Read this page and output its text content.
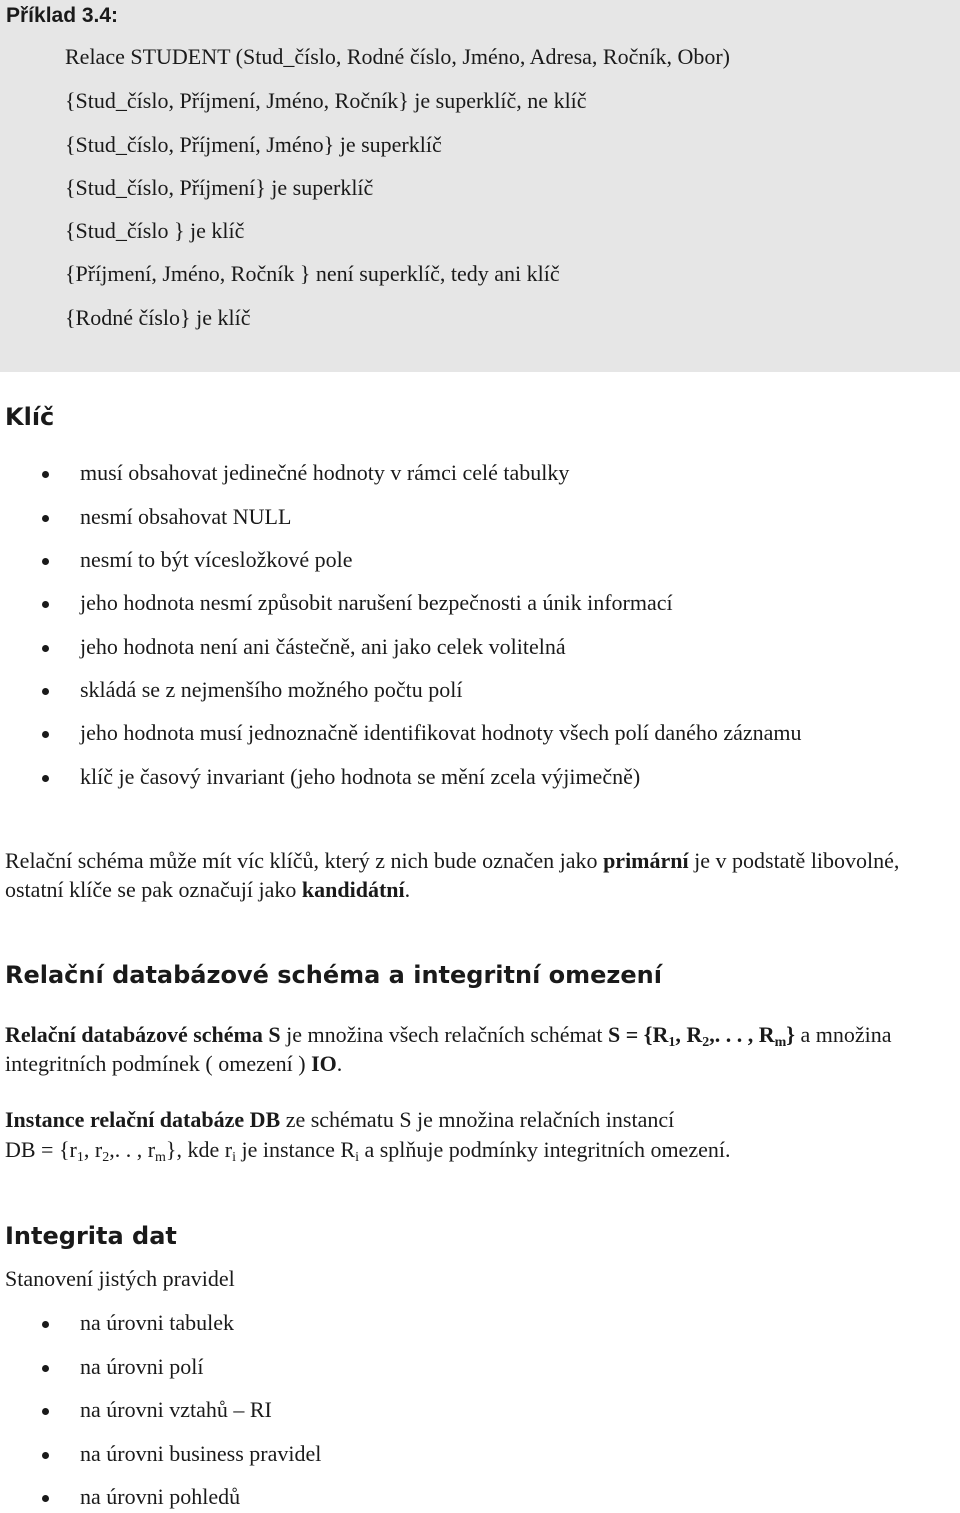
Příklad 3.4:
Relace STUDENT (Stud_číslo, Rodné číslo, Jméno, Adresa, Ročník, Obor)
{Stud_číslo, Příjmení, Jméno, Ročník} je superklíč, ne klíč
{Stud_číslo, Příjmení, Jméno} je superklíč
{Stud_číslo, Příjmení} je superklíč
{Stud_číslo } je klíč
{Příjmení, Jméno, Ročník } není superklíč, tedy ani klíč
{Rodné číslo} je klíč
Klíč
musí obsahovat jedinečné hodnoty v rámci celé tabulky
nesmí obsahovat NULL
nesmí to být vícesložkové pole
jeho hodnota nesmí způsobit narušení bezpečnosti a únik informací
jeho hodnota není ani částečně, ani jako celek volitelná
skládá se z nejmenšího možného počtu polí
jeho hodnota musí jednoznačně identifikovat hodnoty všech polí daného záznamu
klíč je časový invariant (jeho hodnota se mění zcela výjimečně)
Relační schéma může mít víc klíčů, který z nich bude označen jako primární je v podstatě libovolné, ostatní klíče se pak označují jako kandidátní.
Relační databázové schéma a integritní omezení
Relační databázové schéma S je množina všech relačních schémat $S = \{R_1$, $R_2$,. . . , $R_m$} a množina integritních podmínek ( omezení ) IO.
Instance relační databáze DB ze schématu S je množina relačních instancí
DB = {$r_1$, $r_2$,. . , $r_m$}, kde $r_i$ je instance $R_i$ a splňuje podmínky integritních omezení.
Integrita dat
Stanovení jistých pravidel
na úrovni tabulek
na úrovni polí
na úrovni vztahů – RI
na úrovni business pravidel
na úrovni pohledů
